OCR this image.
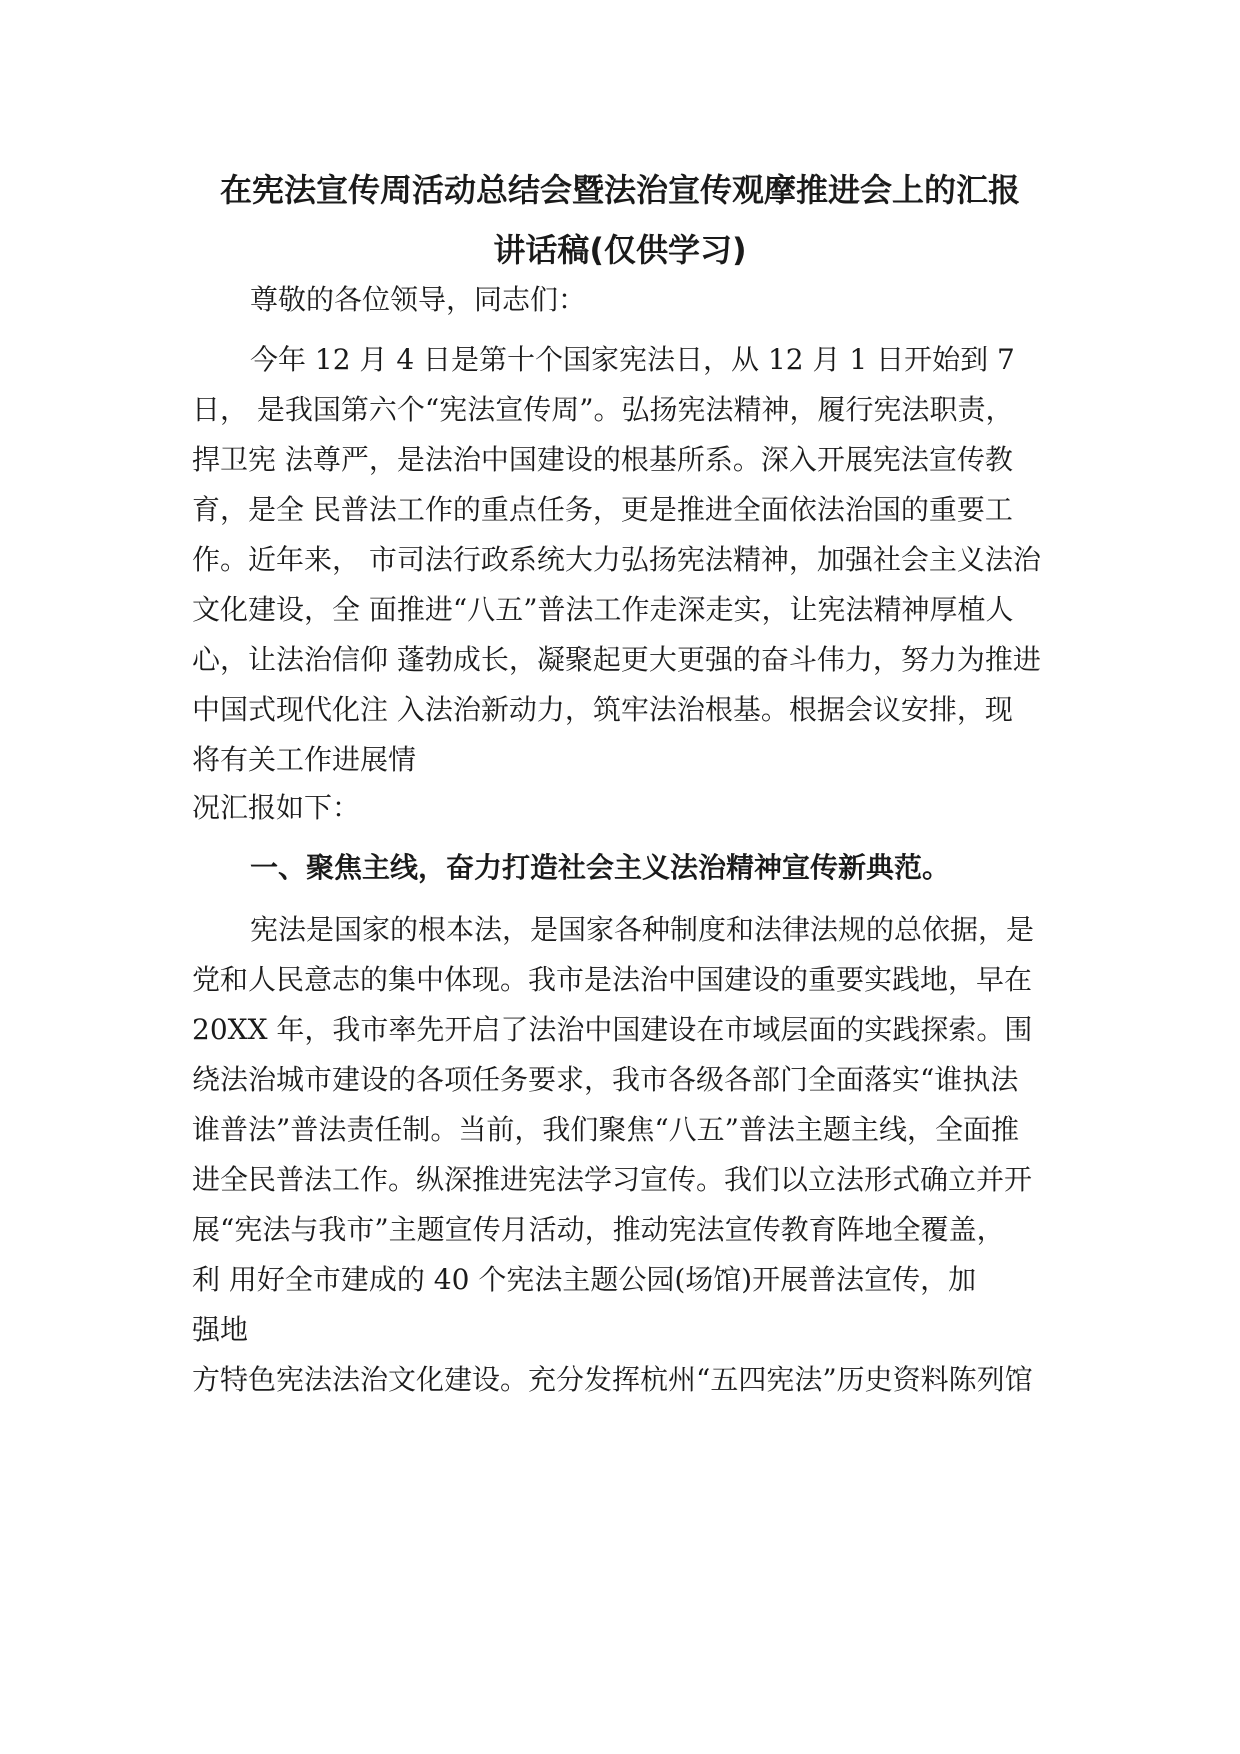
在宪法宣传周活动总结会暨法治宣传观摩推进会上的汇报
讲话稿(仅供学习)
尊敬的各位领导，同志们：
今年 12 月 4 日是第十个国家宪法日，从 12 月 1 日开始到 7
日， 是我国第六个“宪法宣传周”。弘扬宪法精神，履行宪法职责，
捍卫宪 法尊严，是法治中国建设的根基所系。深入开展宪法宣传教
育，是全 民普法工作的重点任务，更是推进全面依法治国的重要工
作。近年来， 市司法行政系统大力弘扬宪法精神，加强社会主义法治
文化建设，全 面推进“八五”普法工作走深走实，让宪法精神厚植人
心，让法治信仰 蓬勃成长，凝聚起更大更强的奋斗伟力，努力为推进
中国式现代化注 入法治新动力，筑牢法治根基。根据会议安排，现
将有关工作进展情
况汇报如下：
一、聚焦主线，奋力打造社会主义法治精神宣传新典范。
宪法是国家的根本法，是国家各种制度和法律法规的总依据，是
党和人民意志的集中体现。我市是法治中国建设的重要实践地，早在
20XX 年，我市率先开启了法治中国建设在市域层面的实践探索。围
绕法治城市建设的各项任务要求，我市各级各部门全面落实“谁执法
谁普法”普法责任制。当前，我们聚焦“八五”普法主题主线，全面推
进全民普法工作。纵深推进宪法学习宣传。我们以立法形式确立并开
展“宪法与我市”主题宣传月活动，推动宪法宣传教育阵地全覆盖，
利 用好全市建成的 40 个宪法主题公园(场馆)开展普法宣传，加
强地
方特色宪法法治文化建设。充分发挥杭州“五四宪法”历史资料陈列馆
